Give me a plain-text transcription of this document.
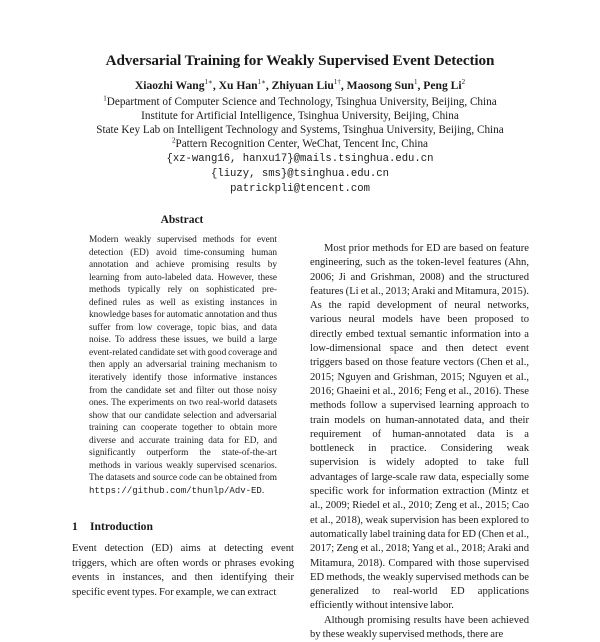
Adversarial Training for Weakly Supervised Event Detection
Xiaozhi Wang$^{1∗}$, Xu Han$^{1∗}$, Zhiyuan Liu$^{1\dagger}$, Maosong Sun$^1$, Peng Li$^2$
$^1$Department of Computer Science and Technology, Tsinghua University, Beijing, China
Institute for Artificial Intelligence, Tsinghua University, Beijing, China
State Key Lab on Intelligent Technology and Systems, Tsinghua University, Beijing, China
$^2$Pattern Recognition Center, WeChat, Tencent Inc, China
{xz-wang16, hanxu17}@mails.tsinghua.edu.cn
{liuzy, sms}@tsinghua.edu.cn
patrickpli@tencent.com
Abstract
Modern weakly supervised methods for event detection (ED) avoid time-consuming human annotation and achieve promising results by learning from auto-labeled data. However, these methods typically rely on sophisticated pre-defined rules as well as existing instances in knowledge bases for automatic annotation and thus suffer from low coverage, topic bias, and data noise. To address these issues, we build a large event-related candidate set with good coverage and then apply an adversarial training mechanism to iteratively identify those informative instances from the candidate set and filter out those noisy ones. The experiments on two real-world datasets show that our candidate selection and adversarial training can cooperate together to obtain more diverse and accurate training data for ED, and significantly outperform the state-of-the-art methods in various weakly supervised scenarios. The datasets and source code can be obtained from https://github.com/thunlp/Adv-ED.
1 Introduction
Event detection (ED) aims at detecting event triggers, which are often words or phrases evoking events in instances, and then identifying their specific event types. For example, we can extract

Most prior methods for ED are based on feature engineering, such as the token-level features (Ahn, 2006; Ji and Grishman, 2008) and the structured features (Li et al., 2013; Araki and Mitamura, 2015). As the rapid development of neural networks, various neural models have been proposed to directly embed textual semantic information into a low-dimensional space and then detect event triggers based on those feature vectors (Chen et al., 2015; Nguyen and Grishman, 2015; Nguyen et al., 2016; Ghaeini et al., 2016; Feng et al., 2016). These methods follow a supervised learning approach to train models on human-annotated data, and their requirement of human-annotated data is a bottleneck in practice. Considering weak supervision is widely adopted to take full advantages of large-scale raw data, especially some specific work for information extraction (Mintz et al., 2009; Riedel et al., 2010; Zeng et al., 2015; Cao et al., 2018), weak supervision has been explored to automatically label training data for ED (Chen et al., 2017; Zeng et al., 2018; Yang et al., 2018; Araki and Mitamura, 2018). Compared with those supervised ED methods, the weakly supervised methods can be generalized to real-world ED applications efficiently without intensive labor.

Although promising results have been achieved by these weakly supervised methods, there are
